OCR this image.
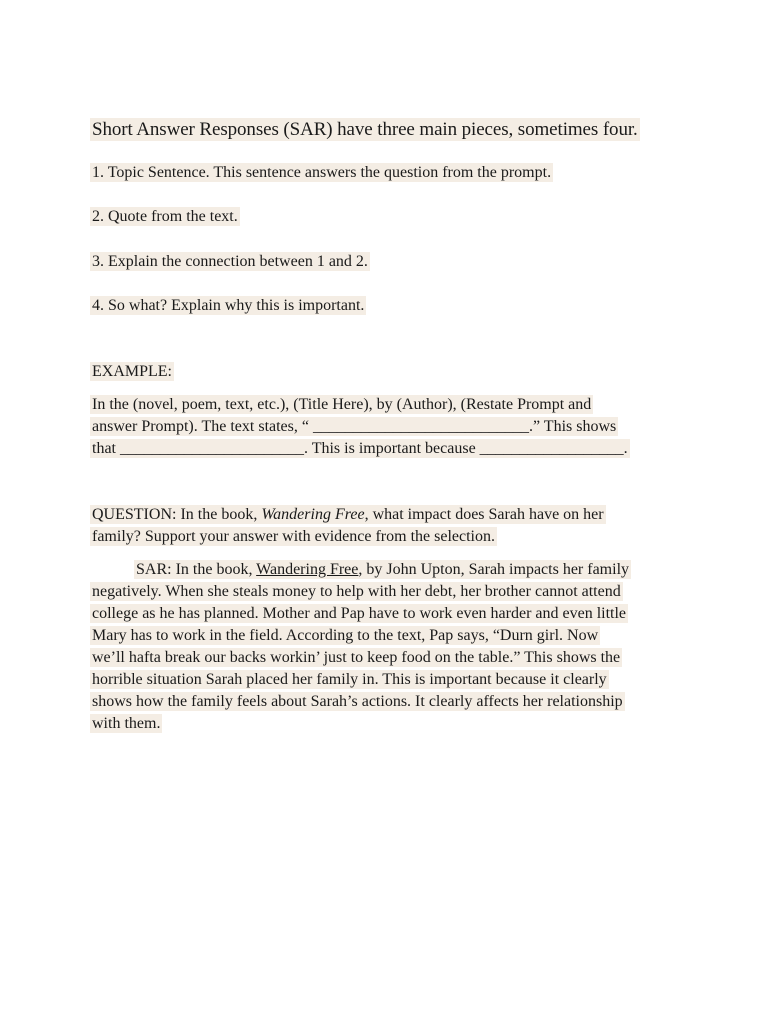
Short Answer Responses (SAR) have three main pieces, sometimes four.
1. Topic Sentence. This sentence answers the question from the prompt.
2. Quote from the text.
3. Explain the connection between 1 and 2.
4. So what? Explain why this is important.
EXAMPLE:
In the (novel, poem, text, etc.), (Title Here), by (Author), (Restate Prompt and
answer Prompt). The text states, “ ___________________________.” This shows
that _______________________. This is important because __________________.
QUESTION: In the book, Wandering Free, what impact does Sarah have on her
family? Support your answer with evidence from the selection.
SAR: In the book, Wandering Free, by John Upton, Sarah impacts her family
negatively. When she steals money to help with her debt, her brother cannot attend
college as he has planned. Mother and Pap have to work even harder and even little
Mary has to work in the field. According to the text, Pap says, “Durn girl. Now
we’ll hafta break our backs workin’ just to keep food on the table.” This shows the
horrible situation Sarah placed her family in. This is important because it clearly
shows how the family feels about Sarah’s actions. It clearly affects her relationship
with them.
